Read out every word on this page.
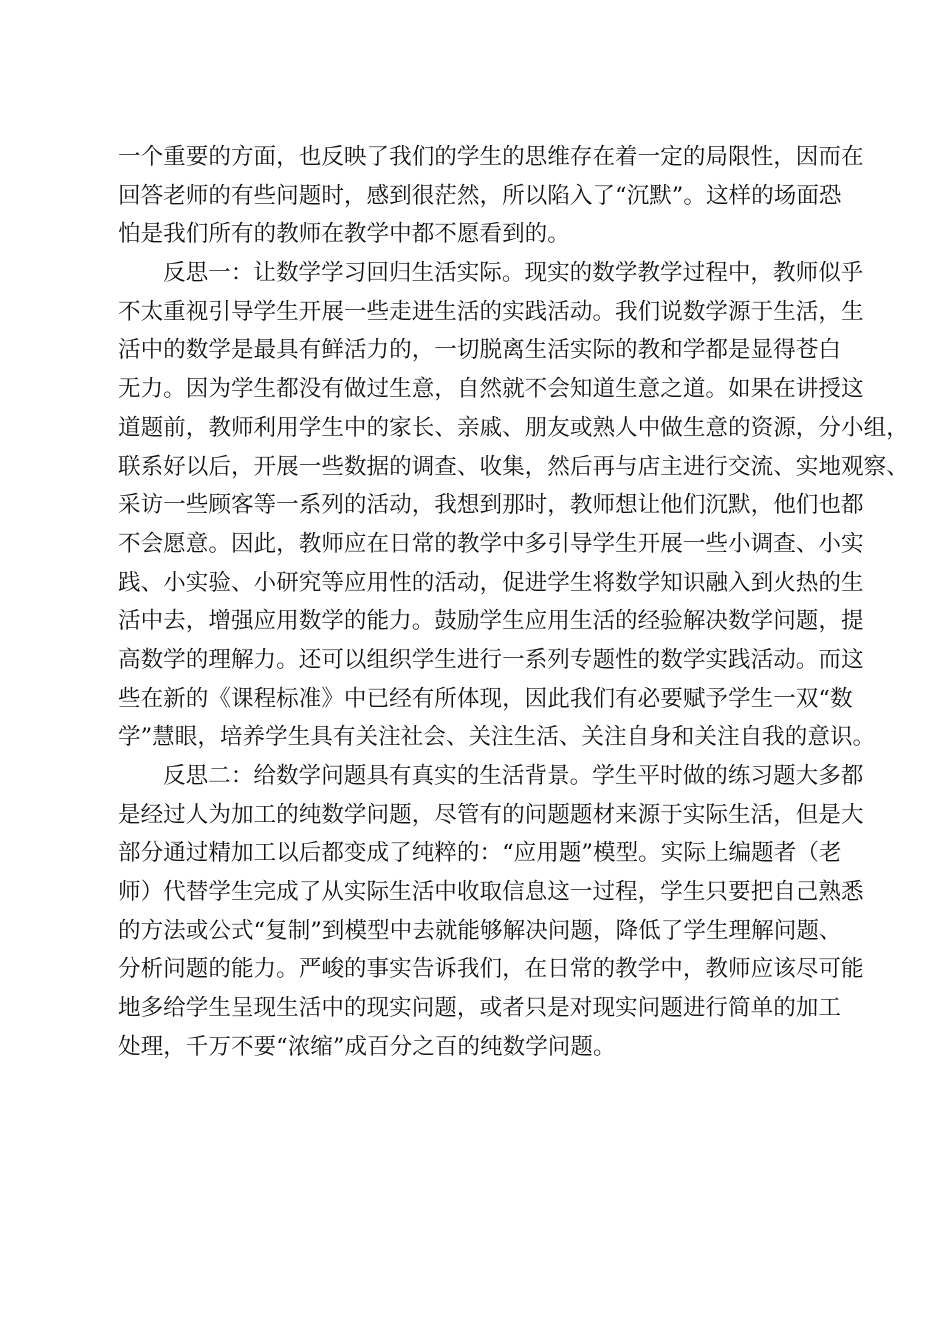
一个重要的方面，也反映了我们的学生的思维存在着一定的局限性，因而在
回答老师的有些问题时，感到很茫然，所以陷入了“沉默”。这样的场面恐
怕是我们所有的教师在教学中都不愿看到的。
反思一：让数学学习回归生活实际。现实的数学教学过程中，教师似乎
不太重视引导学生开展一些走进生活的实践活动。我们说数学源于生活，生
活中的数学是最具有鲜活力的，一切脱离生活实际的教和学都是显得苍白
无力。因为学生都没有做过生意，自然就不会知道生意之道。如果在讲授这
道题前，教师利用学生中的家长、亲戚、朋友或熟人中做生意的资源，分小组，
联系好以后，开展一些数据的调查、收集，然后再与店主进行交流、实地观察、
采访一些顾客等一系列的活动，我想到那时，教师想让他们沉默，他们也都
不会愿意。因此，教师应在日常的教学中多引导学生开展一些小调查、小实
践、小实验、小研究等应用性的活动，促进学生将数学知识融入到火热的生
活中去，增强应用数学的能力。鼓励学生应用生活的经验解决数学问题，提
高数学的理解力。还可以组织学生进行一系列专题性的数学实践活动。而这
些在新的《课程标准》中已经有所体现，因此我们有必要赋予学生一双“数
学”慧眼，培养学生具有关注社会、关注生活、关注自身和关注自我的意识。
反思二：给数学问题具有真实的生活背景。学生平时做的练习题大多都
是经过人为加工的纯数学问题，尽管有的问题题材来源于实际生活，但是大
部分通过精加工以后都变成了纯粹的：“应用题”模型。实际上编题者（老
师）代替学生完成了从实际生活中收取信息这一过程，学生只要把自己熟悉
的方法或公式“复制”到模型中去就能够解决问题，降低了学生理解问题、
分析问题的能力。严峻的事实告诉我们，在日常的教学中，教师应该尽可能
地多给学生呈现生活中的现实问题，或者只是对现实问题进行简单的加工
处理，千万不要“浓缩”成百分之百的纯数学问题。
